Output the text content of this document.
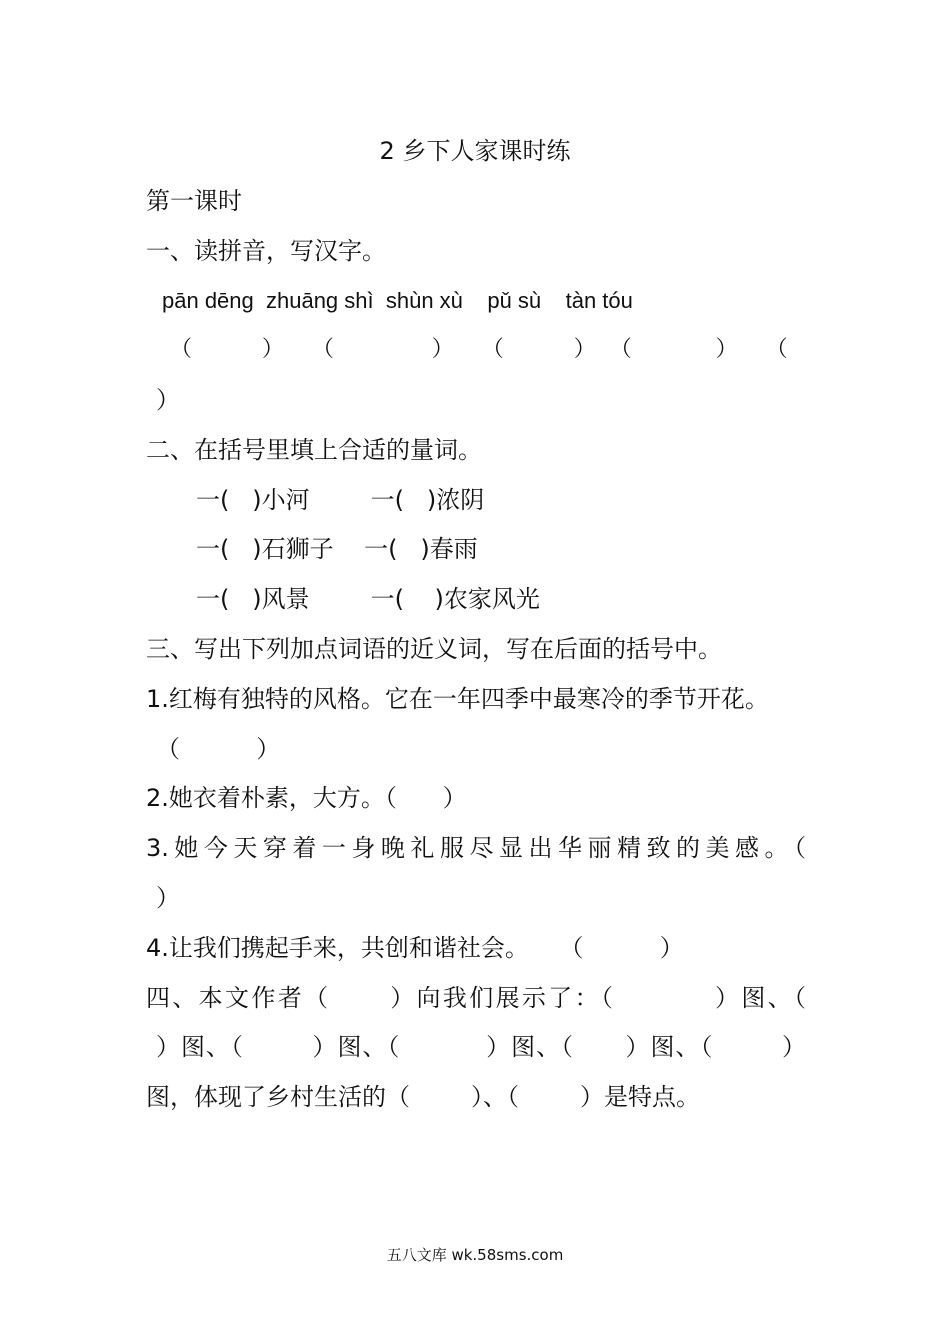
2 乡下人家课时练
第一课时
一、读拼音，写汉字。
pān dēng  zhuāng shì  shùn xù    pǔ sù    tàn tóu
（          ）    （              ）    （          ）  （            ）    （
）
二、在括号里填上合适的量词。
一(   )小河        一(   )浓阴
一(   )石狮子    一(   )春雨
一(   )风景        一(    )农家风光
三、写出下列加点词语的近义词，写在后面的括号中。
1.红梅有独特的风格。它在一年四季中最寒冷的季节开花。
（          ）
2.她衣着朴素，大方。（      ）
3.她今天穿着一身晚礼服尽显出华丽精致的美感。（
）
4.让我们携起手来，共创和谐社会。    （          ）
四、本文作者（      ）向我们展示了：（          ）图、（
）图、（        ）图、（          ）图、（      ）图、（        ）
图，体现了乡村生活的（        ）、（        ）是特点。
五八文库 wk.58sms.com
